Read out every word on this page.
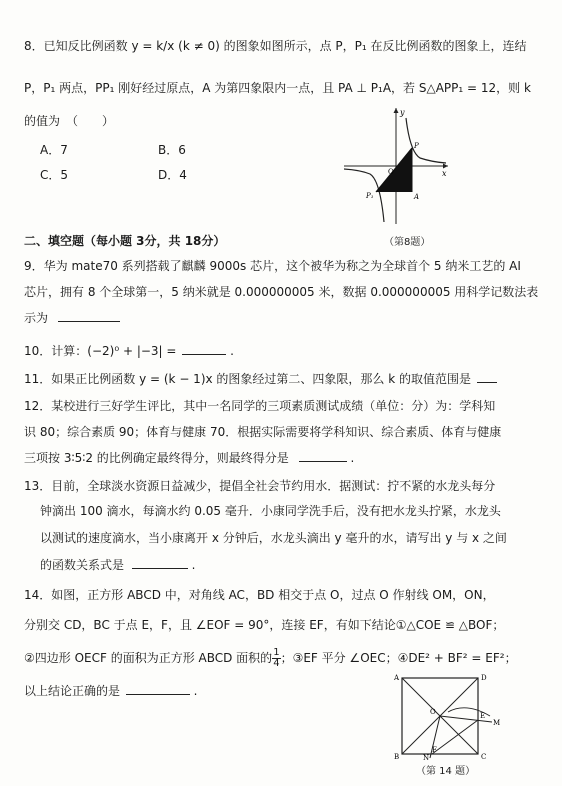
8．已知反比例函数 y = k/x (k ≠ 0) 的图象如图所示，点 P，P₁ 在反比例函数的图象上，连结
P，P₁ 两点，PP₁ 刚好经过原点，A 为第四象限内一点，且 PA ⊥ P₁A，若 S△APP₁ = 12，则 k
的值为　（　　）
A．7	B．6
C．5	D．4
y
x
O
P
P₁	A
（第8题）
二、填空题（每小题 3分，共 18分）
9．华为 mate70 系列搭载了麒麟 9000s 芯片，这个被华为称之为全球首个 5 纳米工艺的 AI
芯片，拥有 8 个全球第一，5 纳米就是 0.000000005 米，数据 0.000000005 用科学记数法表
示为
10．计算：(−2)⁰ + |−3| =	.
11．如果正比例函数 y = (k − 1)x 的图象经过第二、四象限，那么 k 的取值范围是
12．某校进行三好学生评比，其中一名同学的三项素质测试成绩（单位：分）为：学科知
识 80；综合素质 90；体育与健康 70．根据实际需要将学科知识、综合素质、体育与健康
三项按 3∶5∶2 的比例确定最终得分，则最终得分是	.
13．目前，全球淡水资源日益减少，提倡全社会节约用水．据测试：拧不紧的水龙头每分
钟滴出 100 滴水，每滴水约 0.05 毫升．小康同学洗手后，没有把水龙头拧紧，水龙头
以测试的速度滴水，当小康离开 x 分钟后，水龙头滴出 y 毫升的水，请写出 y 与 x 之间
的函数关系式是	.
14．如图，正方形 ABCD 中，对角线 AC，BD 相交于点 O，过点 O 作射线 OM，ON，
分别交 CD，BC 于点 E，F，且 ∠EOF = 90°，连接 EF，有如下结论①△COE ≌ △BOF；
②四边形 OECF 的面积为正方形 ABCD 面积的 $\frac{1}{4}$ ；③EF 平分 ∠OEC；④DE² + BF² = EF²；
以上结论正确的是	.
A	D
B	C
O	E
F
M
N
（第 14 题）
